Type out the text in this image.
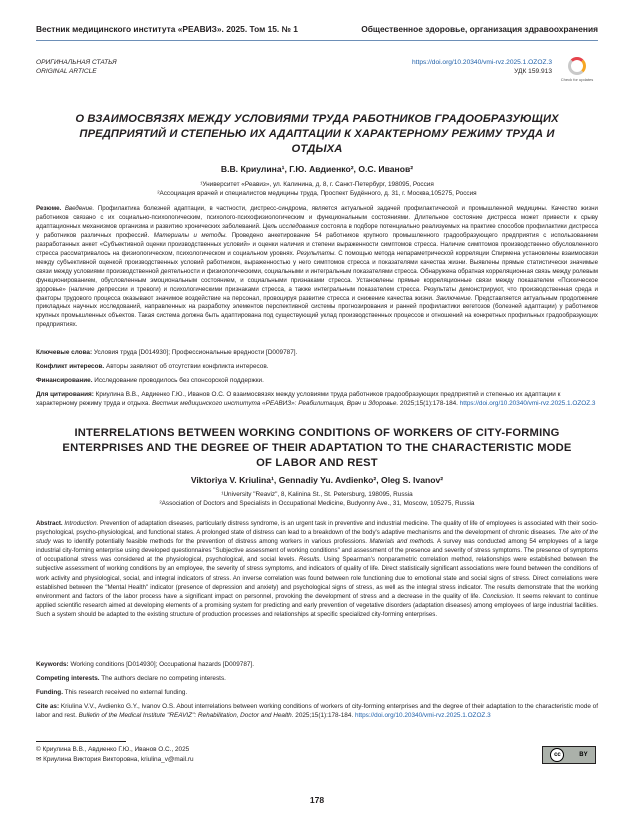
Вестник медицинского института «РЕАВИЗ». 2025. Том 15. № 1	Общественное здоровье, организация здравоохранения
ОРИГИНАЛЬНАЯ СТАТЬЯ
ORIGINAL ARTICLE
https://doi.org/10.20340/vmi-rvz.2025.1.OZOZ.3
УДК 159.913
Check for updates
О ВЗАИМОСВЯЗЯХ МЕЖДУ УСЛОВИЯМИ ТРУДА РАБОТНИКОВ ГРАДООБРАЗУЮЩИХ ПРЕДПРИЯТИЙ И СТЕПЕНЬЮ ИХ АДАПТАЦИИ К ХАРАКТЕРНОМУ РЕЖИМУ ТРУДА И ОТДЫХА
В.В. Криулина¹, Г.Ю. Авдиенко², О.С. Иванов²
¹Университет «Реавиз», ул. Калинина, д. 8, г. Санкт-Петербург, 198095, Россия
²Ассоциация врачей и специалистов медицины труда, Проспект Будённого, д. 31, г. Москва,105275, Россия
Резюме. Введение. Профилактика болезней адаптации, в частности, дистресс-синдрома, является актуальной задачей профилактической и промышленной медицины. Качество жизни работников связано с их социально-психологическим, психолого-психофизиологическим и функциональным состояниями. Длительное состояние дистресса может привести к срыву адаптационных механизмов организма и развитию хронических заболеваний. Цель исследования состояла в подборе потенциально реализуемых на практике способов профилактики дистресса у работников различных профессий. Материалы и методы. Проведено анкетирование 54 работников крупного промышленного градообразующего предприятия с использованием разработанных анкет «Субъективной оценки производственных условий» и оценки наличия и степени выраженности симптомов стресса. Наличие симптомов производственно обусловленного стресса рассматривалось на физиологическом, психологическом и социальном уровнях. Результаты. С помощью метода непараметрической корреляции Спирмена установлены взаимосвязи между субъективной оценкой производственных условий работником, выраженностью у него симптомов стресса и показателями качества жизни. Выявлены прямые статистически значимые связи между условиями производственной деятельности и физиологическими, социальными и интегральным показателями стресса. Обнаружена обратная корреляционная связь между ролевым функционированием, обусловленным эмоциональным состоянием, и социальными признаками стресса. Установлены прямые корреляционные связи между показателем «Психическое здоровье» (наличие депрессии и тревоги) и психологическими признаками стресса, а также интегральным показателем стресса. Результаты демонстрируют, что производственная среда и факторы трудового процесса оказывают значимое воздействие на персонал, провоцируя развитие стресса и снижение качества жизни. Заключение. Представляется актуальным продолжение прикладных научных исследований, направленных на разработку элементов перспективной системы прогнозирования и ранней профилактики вегетозов (болезней адаптации) у работников крупных промышленных объектов. Такая система должна быть адаптирована под существующий уклад производственных процессов и отношений на конкретных профильных градообразующих предприятиях.
Ключевые слова: Условия труда [D014930]; Профессиональные вредности [D009787].
Конфликт интересов. Авторы заявляют об отсутствии конфликта интересов.
Финансирование. Исследование проводилось без спонсорской поддержки.
Для цитирования: Криулина В.В., Авдиенко Г.Ю., Иванов О.С. О взаимосвязях между условиями труда работников градообразующих предприятий и степенью их адаптации к характерному режиму труда и отдыха. Вестник медицинского института «РЕАВИЗ»: Реабилитация, Врач и Здоровье. 2025;15(1):178-184. https://doi.org/10.20340/vmi-rvz.2025.1.OZOZ.3
INTERRELATIONS BETWEEN WORKING CONDITIONS OF WORKERS OF CITY-FORMING ENTERPRISES AND THE DEGREE OF THEIR ADAPTATION TO THE CHARACTERISTIC MODE OF LABOR AND REST
Viktoriya V. Kriulina¹, Gennadiy Yu. Avdienko², Oleg S. Ivanov²
¹University "Reaviz", 8, Kalinina St., St. Petersburg, 198095, Russia
²Association of Doctors and Specialists in Occupational Medicine, Budyonny Ave., 31, Moscow, 105275, Russia
Abstract. Introduction. Prevention of adaptation diseases, particularly distress syndrome, is an urgent task in preventive and industrial medicine. The quality of life of employees is associated with their socio-psychological, psycho-physiological, and functional states. A prolonged state of distress can lead to a breakdown of the body's adaptive mechanisms and the development of chronic diseases. The aim of the study was to identify potentially feasible methods for the prevention of distress among workers in various professions. Materials and methods. A survey was conducted among 54 employees of a large industrial city-forming enterprise using developed questionnaires "Subjective assessment of working conditions" and assessment of the presence and severity of stress symptoms. The presence of symptoms of occupational stress was considered at the physiological, psychological, and social levels. Results. Using Spearman's nonparametric correlation method, relationships were established between the subjective assessment of working conditions by an employee, the severity of stress symptoms, and indicators of quality of life. Direct statistically significant associations were found between the conditions of work activity and physiological, social, and integral indicators of stress. An inverse correlation was found between role functioning due to emotional state and social signs of stress. Direct correlations were established between the "Mental Health" indicator (presence of depression and anxiety) and psychological signs of stress, as well as the integral stress indicator. The results demonstrate that the working environment and factors of the labor process have a significant impact on personnel, provoking the development of stress and a decrease in the quality of life. Conclusion. It seems relevant to continue applied scientific research aimed at developing elements of a promising system for predicting and early prevention of vegetative disorders (adaptation diseases) among employees of large industrial facilities. Such a system should be adapted to the existing structure of production processes and relationships at specific specialized city-forming enterprises.
Keywords: Working conditions [D014930]; Occupational hazards [D009787].
Competing interests. The authors declare no competing interests.
Funding. This research received no external funding.
Cite as: Kriulina V.V., Avdienko G.Y., Ivanov O.S. About interrelations between working conditions of workers of city-forming enterprises and the degree of their adaptation to the characteristic mode of labor and rest. Bulletin of the Medical Institute "REAVIZ": Rehabilitation, Doctor and Health. 2025;15(1):178-184. https://doi.org/10.20340/vmi-rvz.2025.1.OZOZ.3
© Криулина В.В., Авдиенко Г.Ю., Иванов О.С., 2025
✉ Криулина Виктория Викторовна, kriulina_v@mail.ru
cc	BY
178
